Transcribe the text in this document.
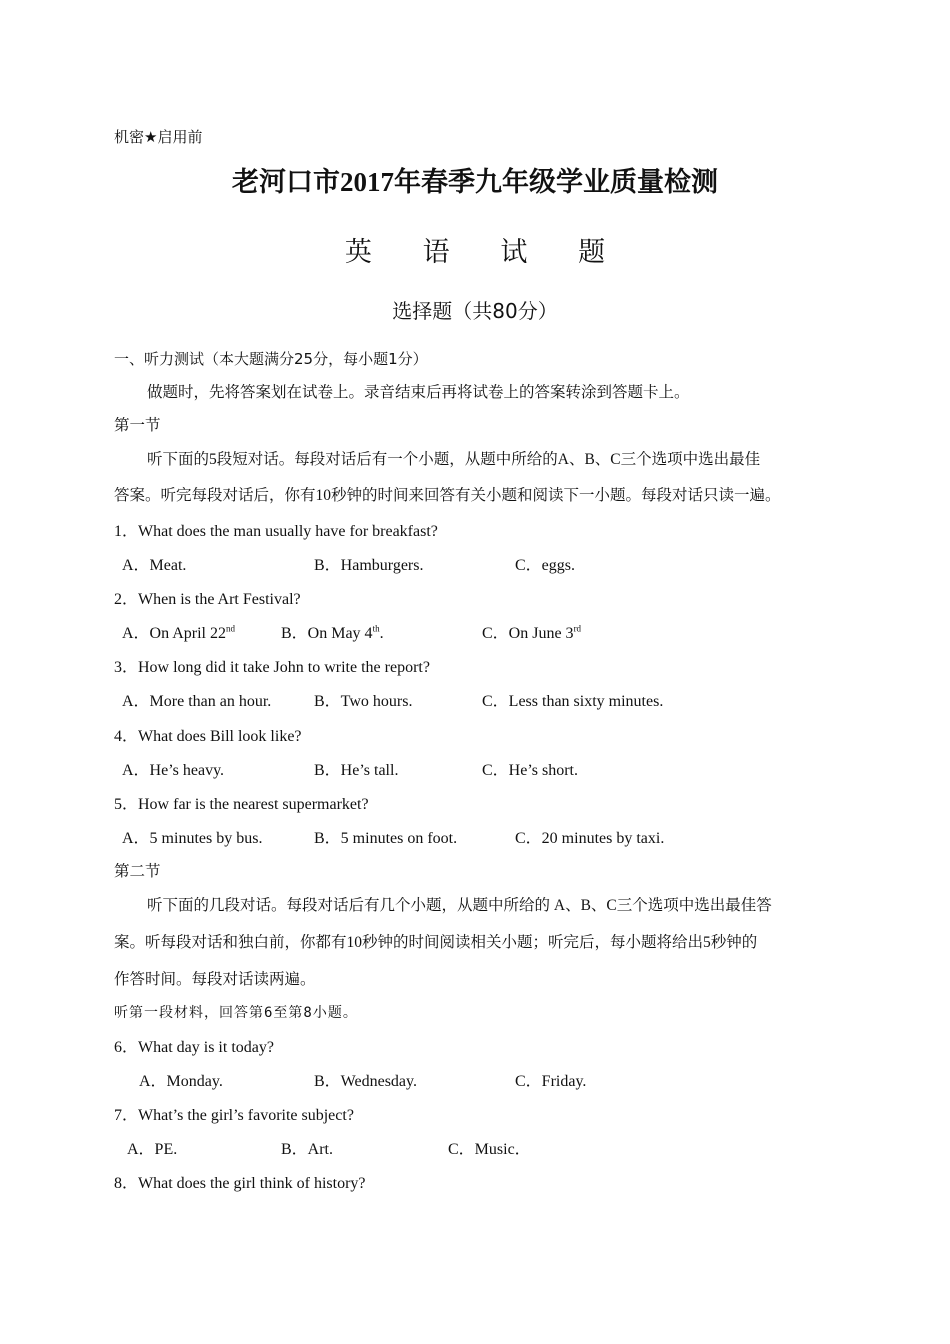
机密★启用前
老河口市2017年春季九年级学业质量检测
英 语 试 题
选择题（共80分）
一、听力测试（本大题满分25分，每小题1分）
做题时，先将答案划在试卷上。录音结束后再将试卷上的答案转涂到答题卡上。
第一节
听下面的5段短对话。每段对话后有一个小题，从题中所给的A、B、C三个选项中选出最佳
答案。听完每段对话后，你有10秒钟的时间来回答有关小题和阅读下一小题。每段对话只读一遍。
1．What does the man usually have for breakfast?
A．Meat.	B．Hamburgers.	C．eggs.
2．When is the Art Festival?
A．On April 22nd	B．On May 4th.	C．On June 3rd
3．How long did it take John to write the report?
A．More than an hour.	B．Two hours.	C．Less than sixty minutes.
4．What does Bill look like?
A．He’s heavy.	B．He’s tall.	C．He’s short.
5．How far is the nearest supermarket?
A．5 minutes by bus.	B．5 minutes on foot.	C．20 minutes by taxi.
第二节
听下面的几段对话。每段对话后有几个小题，从题中所给的 A、B、C三个选项中选出最佳答
案。听每段对话和独白前，你都有10秒钟的时间阅读相关小题；听完后，每小题将给出5秒钟的
作答时间。每段对话读两遍。
听第一段材料，回答第6至第8小题。
6．What day is it today?
A．Monday.	B．Wednesday.	C．Friday.
7．What’s the girl’s favorite subject?
A．PE.	B．Art.	C．Music．
8．What does the girl think of history?
